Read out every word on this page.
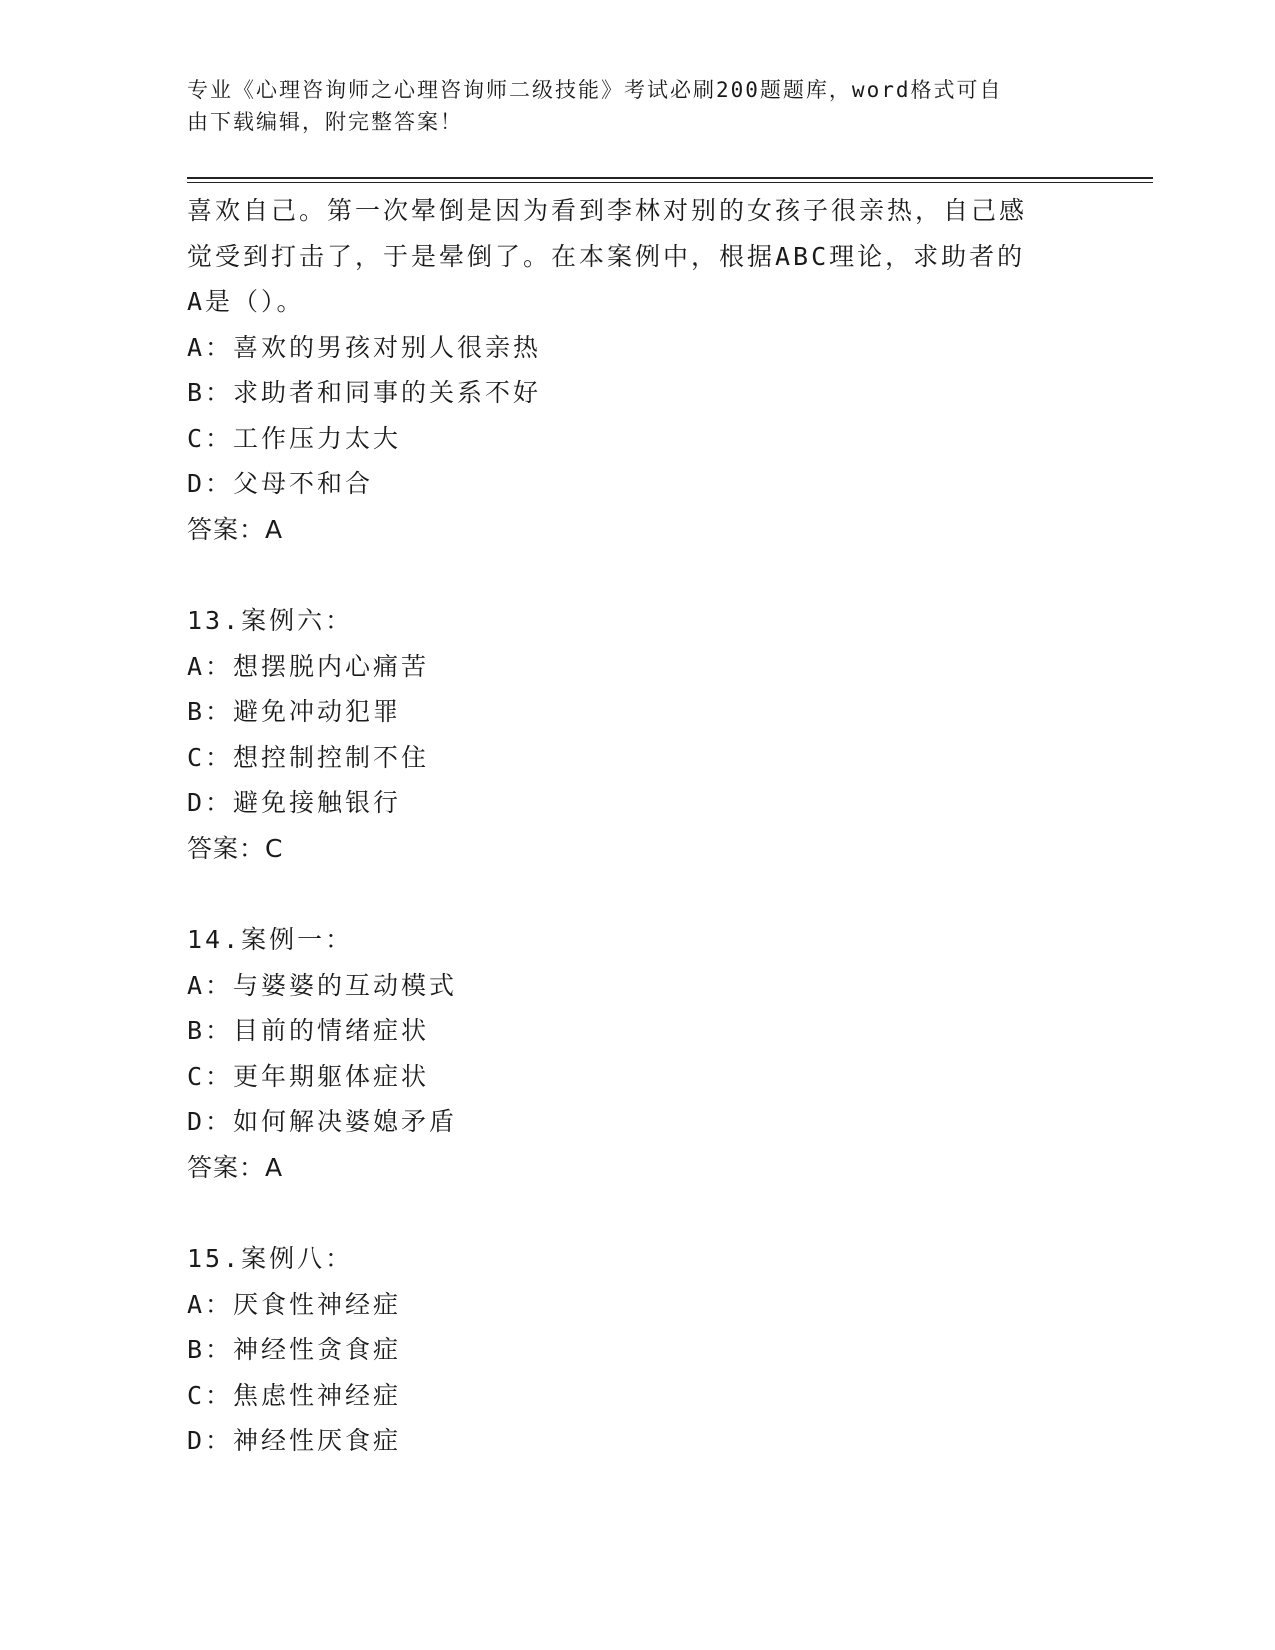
专业《心理咨询师之心理咨询师二级技能》考试必刷200题题库，word格式可自
由下载编辑，附完整答案！
喜欢自己。第一次晕倒是因为看到李林对别的女孩子很亲热，自己感
觉受到打击了，于是晕倒了。在本案例中，根据ABC理论，求助者的
A是（）。
A：喜欢的男孩对别人很亲热
B：求助者和同事的关系不好
C：工作压力太大
D：父母不和合
答案：A
13.案例六：
A：想摆脱内心痛苦
B：避免冲动犯罪
C：想控制控制不住
D：避免接触银行
答案：C
14.案例一：
A：与婆婆的互动模式
B：目前的情绪症状
C：更年期躯体症状
D：如何解决婆媳矛盾
答案：A
15.案例八：
A：厌食性神经症
B：神经性贪食症
C：焦虑性神经症
D：神经性厌食症
